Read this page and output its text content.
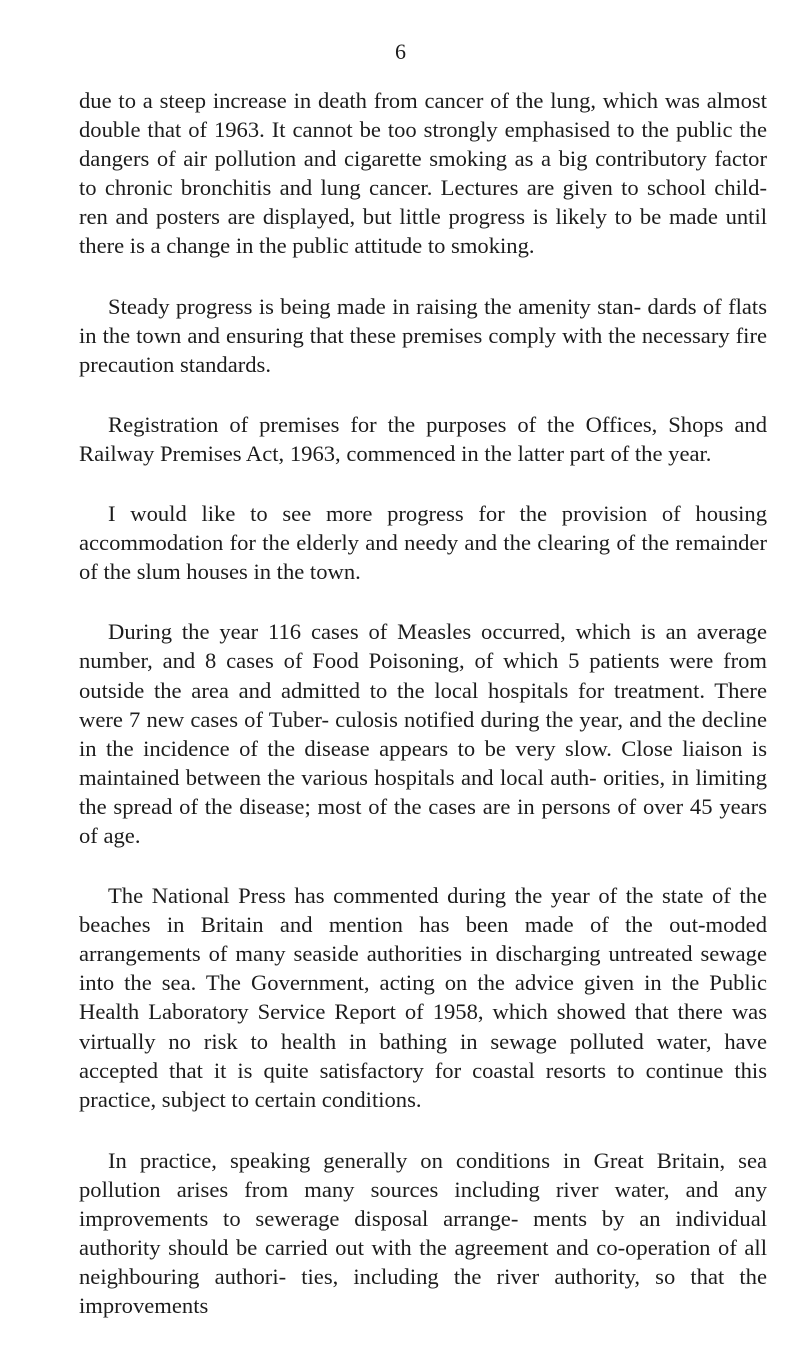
6

due to a steep increase in death from cancer of the lung, which was almost double that of 1963. It cannot be too strongly emphasised to the public the dangers of air pollution and cigarette smoking as a big contributory factor to chronic bronchitis and lung cancer. Lectures are given to school child- ren and posters are displayed, but little progress is likely to be made until there is a change in the public attitude to smoking.

Steady progress is being made in raising the amenity stan- dards of flats in the town and ensuring that these premises comply with the necessary fire precaution standards.

Registration of premises for the purposes of the Offices, Shops and Railway Premises Act, 1963, commenced in the latter part of the year.

I would like to see more progress for the provision of housing accommodation for the elderly and needy and the clearing of the remainder of the slum houses in the town.

During the year 116 cases of Measles occurred, which is an average number, and 8 cases of Food Poisoning, of which 5 patients were from outside the area and admitted to the local hospitals for treatment. There were 7 new cases of Tuber- culosis notified during the year, and the decline in the incidence of the disease appears to be very slow. Close liaison is maintained between the various hospitals and local auth- orities, in limiting the spread of the disease; most of the cases are in persons of over 45 years of age.

The National Press has commented during the year of the state of the beaches in Britain and mention has been made of the out-moded arrangements of many seaside authorities in discharging untreated sewage into the sea. The Government, acting on the advice given in the Public Health Laboratory Service Report of 1958, which showed that there was virtually no risk to health in bathing in sewage polluted water, have accepted that it is quite satisfactory for coastal resorts to continue this practice, subject to certain conditions.

In practice, speaking generally on conditions in Great Britain, sea pollution arises from many sources including river water, and any improvements to sewerage disposal arrange- ments by an individual authority should be carried out with the agreement and co-operation of all neighbouring authori- ties, including the river authority, so that the improvements
